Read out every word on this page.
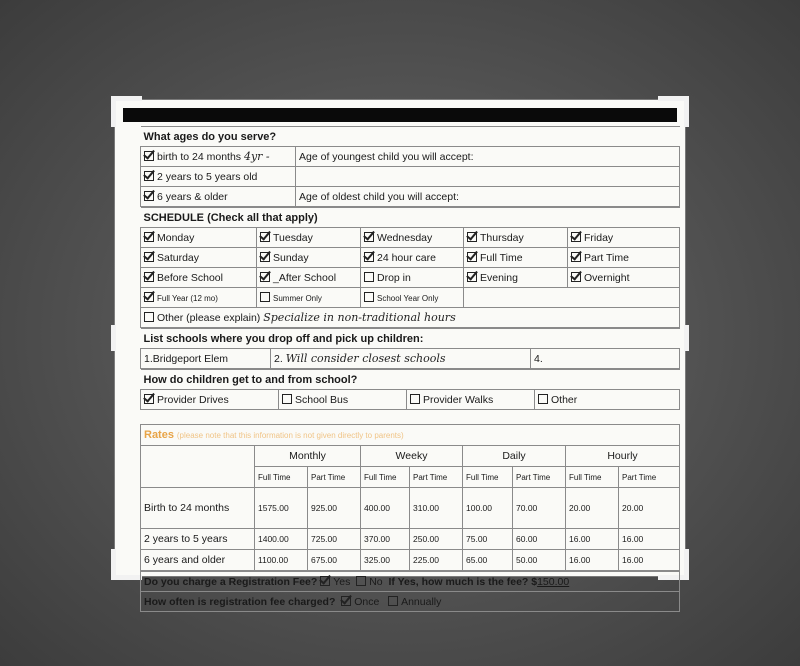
What ages do you serve?	
birth to 24 months 4yr -	Age of youngest child you will accept:
2 years to 5 years old	
6 years & older	Age of oldest child you will accept:
SCHEDULE (Check all that apply)				
Monday	Tuesday	Wednesday	Thursday	Friday
Saturday	Sunday	24 hour care	Full Time	Part Time
Before School	_After School	Drop in	Evening	Overnight
Full Year (12 mo)	Summer Only	School Year Only		
Other (please explain) Specialize in non-traditional hours				
List schools where you drop off and pick up children:
1.Bridgeport Elem	2. Will consider closest schools	4.
How do children get to and from school?
Provider Drives	School Bus	Provider Walks	Other
Rates (please note that this information is not given directly to parents)								
	Monthly		Weeky		Daily		Hourly	
	Full Time	Part Time	Full Time	Part Time	Full Time	Part Time	Full Time	Part Time
Birth to 24 months	1575.00	925.00	400.00	310.00	100.00	70.00	20.00	20.00
2 years to 5 years	1400.00	725.00	370.00	250.00	75.00	60.00	16.00	16.00
6 years and older	1100.00	675.00	325.00	225.00	65.00	50.00	16.00	16.00
Do you charge a Registration Fee? Yes No If Yes, how much is the fee? $150.00
How often is registration fee charged? Once Annually
